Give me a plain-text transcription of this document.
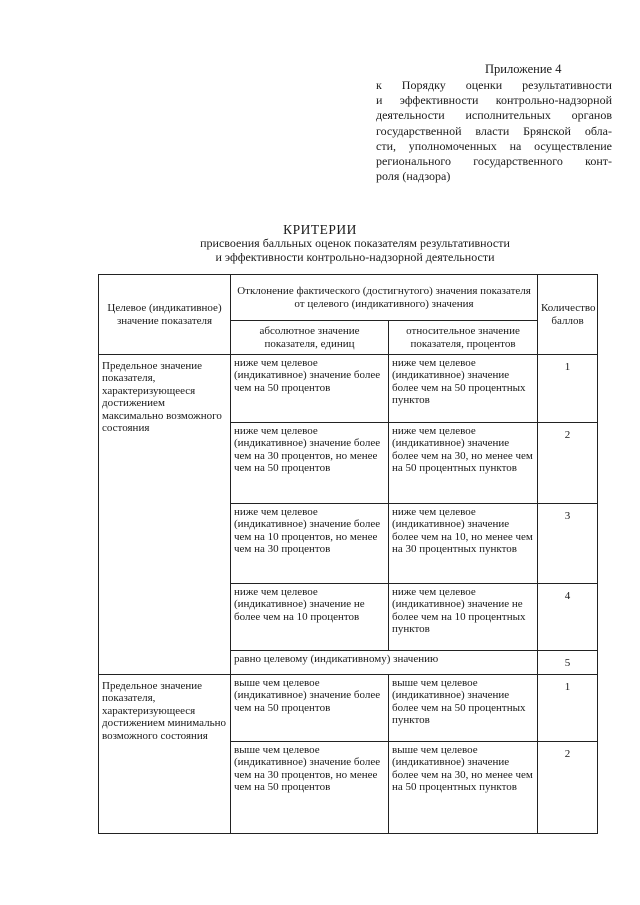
Приложение 4
к Порядку оценки результативности
и эффективности контрольно-надзорной
деятельности исполнительных органов
государственной власти Брянской обла-
сти, уполномоченных на осуществление
регионального государственного конт-
роля (надзора)
КРИТЕРИИ
присвоения балльных оценок показателям результативности
и эффективности контрольно-надзорной деятельности
Целевое (индикативное) значение показателя	Отклонение фактического (достигнутого) значения показателя от целевого (индикативного) значения		Количество баллов
	абсолютное значение показателя, единиц	относительное значение показателя, процентов	
Предельное значение показателя, характеризующееся достижением максимально возможного состояния	ниже чем целевое (индикативное) значение более чем на 50 процентов	ниже чем целевое (индикативное) значение более чем на 50 процентных пунктов	1
	ниже чем целевое (индикативное) значение более чем на 30 процентов, но менее чем на 50 процентов	ниже чем целевое (индикативное) значение более чем на 30, но менее чем на 50 процентных пунктов	2
	ниже чем целевое (индикативное) значение более чем на 10 процентов, но менее чем на 30 процентов	ниже чем целевое (индикативное) значение более чем на 10, но менее чем на 30 процентных пунктов	3
	ниже чем целевое (индикативное) значение не более чем на 10 процентов	ниже чем целевое (индикативное) значение не более чем на 10 процентных пунктов	4
	равно целевому (индикативному) значению		5
Предельное значение показателя, характеризующееся достижением минимально возможного состояния	выше чем целевое (индикативное) значение более чем на 50 процентов	выше чем целевое (индикативное) значение более чем на 50 процентных пунктов	1
	выше чем целевое (индикативное) значение более чем на 30 процентов, но менее чем на 50 процентов	выше чем целевое (индикативное) значение более чем на 30, но менее чем на 50 процентных пунктов	2
